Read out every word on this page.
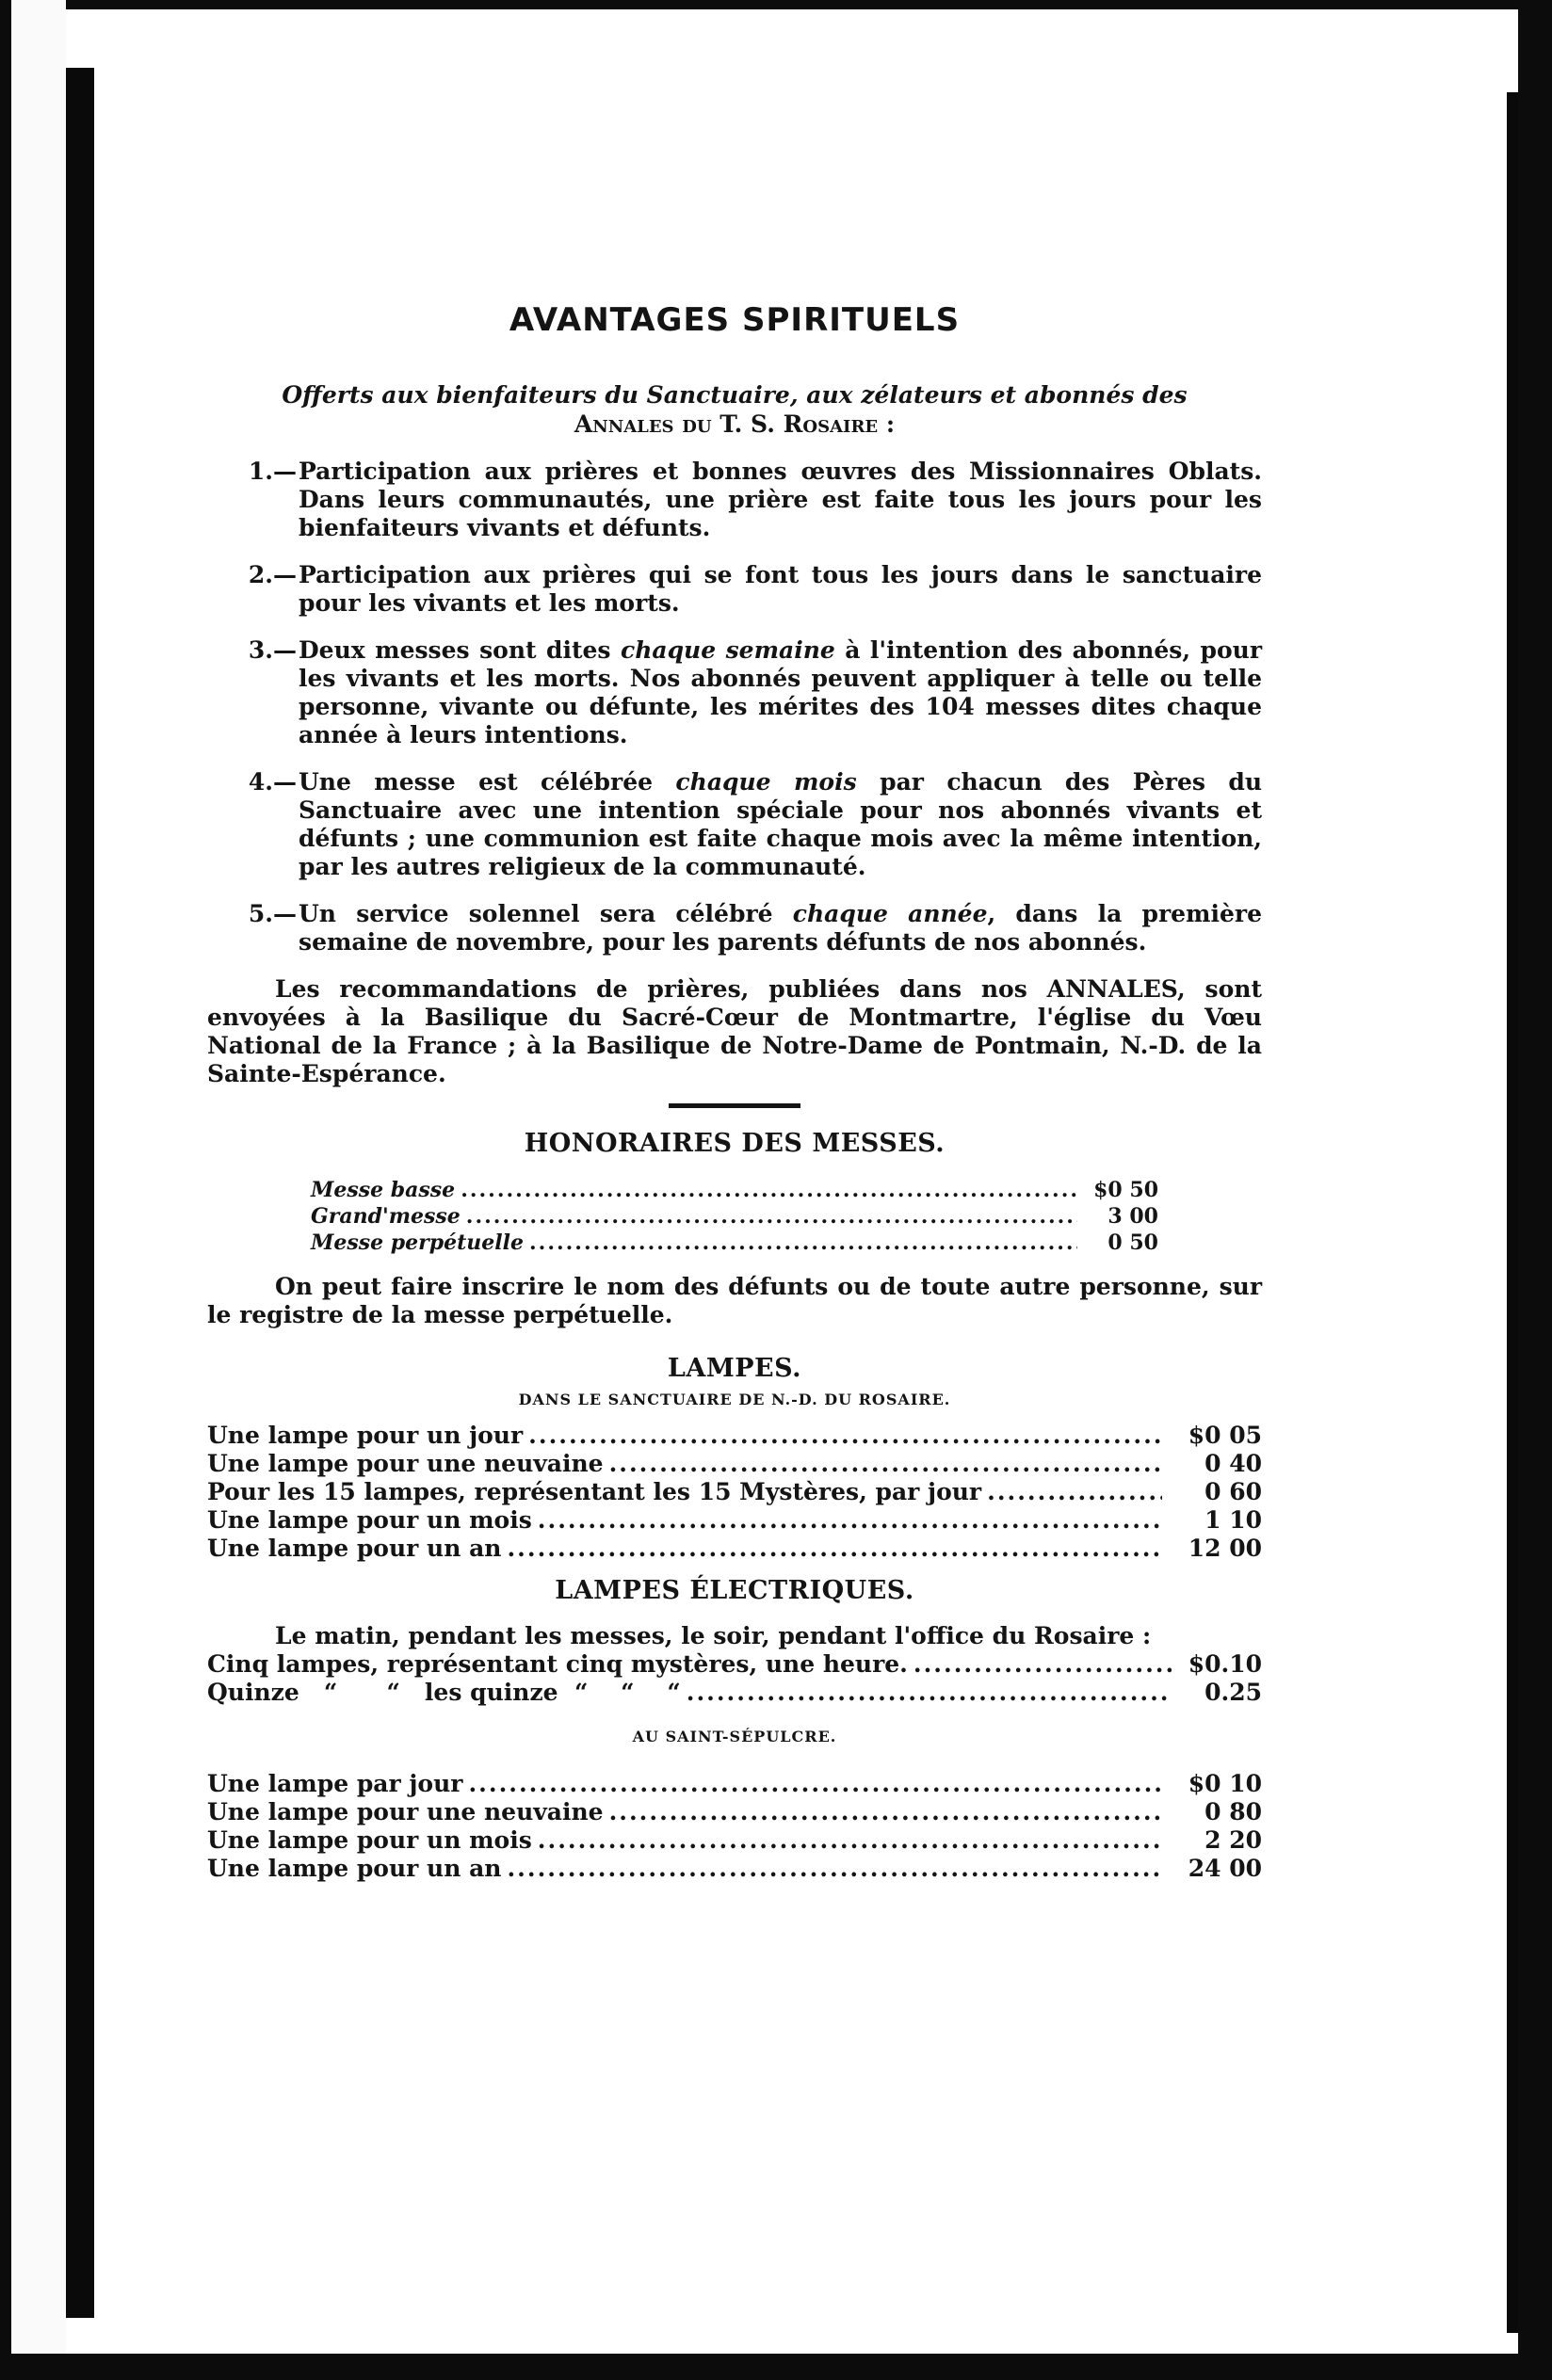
AVANTAGES SPIRITUELS
Offerts aux bienfaiteurs du Sanctuaire, aux zélateurs et abonnés des
Annales du T. S. Rosaire :
1.— Participation aux prières et bonnes œuvres des Missionnaires Oblats. Dans leurs communautés, une prière est faite tous les jours pour les bienfaiteurs vivants et défunts.
2.— Participation aux prières qui se font tous les jours dans le sanctuaire pour les vivants et les morts.
3.— Deux messes sont dites chaque semaine à l'intention des abonnés, pour les vivants et les morts. Nos abonnés peuvent appliquer à telle ou telle personne, vivante ou défunte, les mérites des 104 messes dites chaque année à leurs intentions.
4.— Une messe est célébrée chaque mois par chacun des Pères du Sanctuaire avec une intention spéciale pour nos abonnés vivants et défunts ; une communion est faite chaque mois avec la même intention, par les autres religieux de la communauté.
5.— Un service solennel sera célébré chaque année, dans la première semaine de novembre, pour les parents défunts de nos abonnés.

Les recommandations de prières, publiées dans nos ANNALES, sont envoyées à la Basilique du Sacré-Cœur de Montmartre, l'église du Vœu National de la France ; à la Basilique de Notre-Dame de Pontmain, N.-D. de la Sainte-Espérance.

HONORAIRES DES MESSES.
Messe basse .....	$0 50
Grand'messe .....	3 00
Messe perpétuelle .....	0 50

On peut faire inscrire le nom des défunts ou de toute autre personne, sur le registre de la messe perpétuelle.

LAMPES.
DANS LE SANCTUAIRE DE N.-D. DU ROSAIRE.
Une lampe pour un jour .....	$0 05
Une lampe pour une neuvaine .....	0 40
Pour les 15 lampes, représentant les 15 Mystères, par jour .....	0 60
Une lampe pour un mois .....	1 10
Une lampe pour un an .....	12 00
LAMPES ÉLECTRIQUES.

Le matin, pendant les messes, le soir, pendant l'office du Rosaire :

Cinq lampes, représentant cinq mystères, une heure. .....	$0.10
Quinze   “      “   les quinze  “    “    “ .....	0.25
AU SAINT-SÉPULCRE.
Une lampe par jour .....	$0 10
Une lampe pour une neuvaine .....	0 80
Une lampe pour un mois .....	2 20
Une lampe pour un an .....	24 00
